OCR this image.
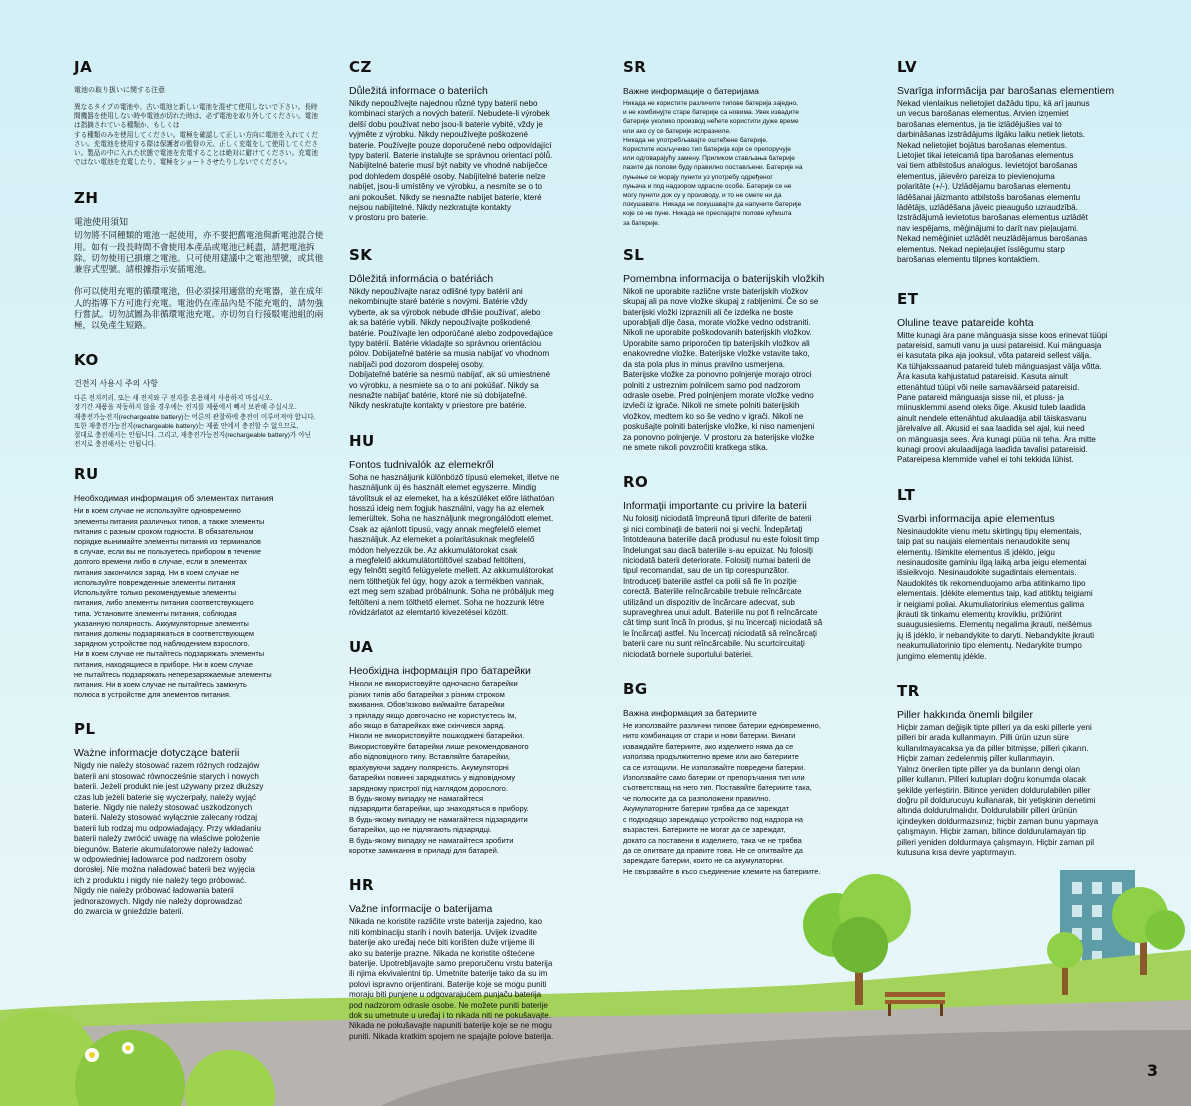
JA
電池の取り扱いに関する注意
異なるタイプの電池や、古い電池と新しい電池を混ぜて使用しないで下さい。長時間機器を使用しない時や電池が切れた時は、必ず電池を取り外してください。電池は指摘されている種類か、もしくは
する種類のみを使用してください。電極を確認して正しい方向に電池を入れてください。充電池を使用する際は保護者の監督の元、正しく充電をして使用してください。製品の中に入れた状態で電池を充電することは絶対に避けてください。充電池ではない電池を充電したり、電極をショートさせたりしないでください。
ZH
電池使用須知
切勿將不同種類的電池一起使用，亦不要把舊電池與新電池混合使用。如有一段長時間不會使用本產品或電池已耗盡，請把電池拆除。切勿使用已損壞之電池。只可使用建議中之電池型號，或其他兼容式型號。請根據指示安插電池。

你可以使用充電的循環電池，但必須採用適當的充電器，並在成年人的指導下方可進行充電。電池仍在產品內是不能充電的，請勿強行嘗試。切勿試圖為非循環電池充電。亦切勿自行接駁電池組的兩極，以免產生短路。
KO
건전지 사용시 주의 사항
다른 전지끼리, 또는 새 전지와 구 전지를 혼용해서 사용하지 마십시오.
장기간 제품을 작동하지 않을 경우에는 전지를 제품에서 빼서 보관해 주십시오.
재충전가능전지(rechargeable battery)는 어른의 관찰하에 충전이 이루어져야 합니다.
또한 재충전가능전지(rechargeable battery)는 제품 안에서 충전할 수 없으므로,
절대로 충전해서는 안됩니다. 그리고, 재충전가능전지(rechargeable battery)가 아닌
전지로 충전해서는 안됩니다.
RU
Необходимая информация об элементах питания
Ни в коем случае не используйте одновременно
элементы питания различных типов, а также элементы
питания с разным сроком годности. В обязательном
порядке вынимайте элементы питания из терминалов
в случае, если вы не пользуетесь прибором в течение
долгого времени либо в случае, если в элементах
питания закончился заряд. Ни в коем случае не
используйте поврежденные элементы питания
Используйте только рекомендуемые элементы
питания, либо элементы питания соответствующего
типа. Установите элементы питания, соблюдая
указанную полярность. Аккумуляторные элементы
питания должны подзаряжаться в соответствующем
зарядном устройстве под наблюдением взрослого.
Ни в коем случае не пытайтесь подзаряжать элементы
питания, находящиеся в приборе. Ни в коем случае
не пытайтесь подзаряжать неперезаряжаемые элементы
питания. Ни в коем случае не пытайтесь замкнуть
полюса в устройстве для элементов питания.
PL
Ważne informacje dotyczące baterii
Nigdy nie należy stosować razem różnych rodzajów
baterii ani stosować równocześnie starych i nowych
baterii. Jeżeli produkt nie jest używany przez dłuższy
czas lub jeżeli baterie się wyczerpały, należy wyjąć
baterie. Nigdy nie należy stosować uszkodzonych
baterii. Należy stosować wyłącznie zalecany rodzaj
baterii lub rodzaj mu odpowiadający. Przy wkładaniu
baterii należy zwrócić uwagę na właściwe położenie
biegunów. Baterie akumulatorowe należy ładować
w odpowiedniej ładowarce pod nadzorem osoby
dorosłej. Nie można naładować baterii bez wyjęcia
ich z produktu i nigdy nie należy tego próbować.
Nigdy nie należy próbować ładowania baterii
jednorazowych. Nigdy nie należy doprowadzać
do zwarcia w gnieździe baterii.
CZ
Důležitá informace o bateriích
Nikdy nepoužívejte najednou různé typy baterií nebo
kombinaci starých a nových baterií. Nebudete-li výrobek
delší dobu používat nebo jsou-li baterie vybité, vždy je
vyjměte z výrobku. Nikdy nepoužívejte poškozené
baterie. Používejte pouze doporučené nebo odpovídající
typy baterií. Baterie instalujte se správnou orientací pólů.
Nabíjitelné baterie musí být nabity ve vhodné nabíječce
pod dohledem dospělé osoby. Nabíjitelné baterie nelze
nabíjet, jsou-li umístěny ve výrobku, a nesmíte se o to
ani pokoušet. Nikdy se nesnažte nabíjet baterie, které
nejsou nabíjitelné. Nikdy nezkratujte kontakty
v prostoru pro baterie.
SK
Dôležitá informácia o batériách
Nikdy nepoužívajte naraz odlišné typy batérií ani
nekombinujte staré batérie s novými. Batérie vždy
vyberte, ak sa výrobok nebude dlhšie používať, alebo
ak sa batérie vybili. Nikdy nepoužívajte poškodené
batérie. Používajte len odporúčané alebo zodpovedajúce
typy batérií. Batérie vkladajte so správnou orientáciou
pólov. Dobíjateľné batérie sa musia nabíjať vo vhodnom
nabíjači pod dozorom dospelej osoby.
Dobíjateľné batérie sa nesmú nabíjať, ak sú umiestnené
vo výrobku, a nesmiete sa o to ani pokúšať. Nikdy sa
nesnažte nabíjať batérie, ktoré nie sú dobíjateľné.
Nikdy neskratujte kontakty v priestore pre batérie.
HU
Fontos tudnivalók az elemekről
Soha ne használjunk különböző típusú elemeket, illetve ne
használjunk új és használt elemet egyszerre. Mindig
távolítsuk el az elemeket, ha a készüléket előre láthatóan
hosszú ideig nem fogjuk használni, vagy ha az elemek
lemerültek. Soha ne használjunk megrongálódott elemet.
Csak az ajánlott típusú, vagy annak megfelelő elemet
használjuk. Az elemeket a polaritásuknak megfelelő
módon helyezzük be. Az akkumulátorokat csak
a megfelelő akkumulátortöltővel szabad feltölteni,
egy felnőtt segítő felügyelete mellett. Az akkumulátorokat
nem tölthetjük fel úgy, hogy azok a termékben vannak,
ezt meg sem szabad próbálnunk. Soha ne próbáljuk meg
feltölteni a nem tölthető elemet. Soha ne hozzunk létre
rövidzárlatot az elemtartó kivezetései között.
UA
Необхідна інформація про батарейки
Ніколи не використовуйте одночасно батарейки
різних типів або батарейки з різним строком
вживання. Обов'язково виймайте батарейки
з приладу якщо довгочасно не користуєтесь їм,
або якщо в батарейках вже скінчився заряд.
Ніколи не використовуйте пошкоджені батарейки.
Використовуйте батарейки лише рекомендованого
або відповідного типу. Вставляйте батарейки,
врахувуючи задану полярність. Акумуляторні
батарейки повинні заряджатись у відповідному
зарядному пристрої під наглядом дорослого.
В будь-якому випадку не намагайтеся
підзарядити батарейки, що знаходяться в прибору.
В будь-якому випадку не намагайтеся підзарядити
батарейки, що не підлягають підзарядці.
В будь-якому випадку не намагайтеся зробити
коротке замикання в приладі для батарей.
HR
Važne informacije o baterijama
Nikada ne koristite različite vrste baterija zajedno, kao
niti kombinaciju starih i novih baterija. Uvijek izvadite
baterije ako uređaj neće biti korišten duže vrijeme ili
ako su baterije prazne. Nikada ne koristite oštećene
baterije. Upotrebljavajte samo preporučenu vrstu baterija
ili njima ekvivalentni tip. Umetnite baterije tako da su im
polovi ispravno orijentirani. Baterije koje se mogu puniti
moraju biti punjene u odgovarajućem punjaču baterija
pod nadzorom odrasle osobe. Ne možete puniti baterije
dok su umetnute u uređaj i to nikada niti ne pokušavajte.
Nikada ne pokušavajte napuniti baterije koje se ne mogu
puniti. Nikada kratkim spojem ne spajajte polove baterija.
SR
Важне информације о батеријама
Никада не користите различите типове батерија заједно,
и не комбинујте старе батерије са новима. Увек извадите
батерије уколико производ нећете користити дуже време
или ако су се батерије испразниле.
Никада не употребљавајте оштећене батерије.
Користите искључиво тип батерија који се препоручује
или одговарајућу замену. Приликом стављања батерије
пазите да полови буду правилно постављени. Батерије на
пуњење се морају пунити уз употребу одређеног
пуњача и под надзором одрасле особе. Батерије се не
могу пунити док су у производу, и то не смете ни да
покушавате. Никада не покушавајте да напуните батерије
које се не пуне. Никада не преспајајте полове кућишта
за батерије.
SL
Pomembna informacija o baterijskih vložkih
Nikoli ne uporabite različne vrste baterijskih vložkov
skupaj ali pa nove vložke skupaj z rabljenimi. Če so se
baterijski vložki izpraznili ali če izdelka ne boste
uporabljali dlje časa, morate vložke vedno odstraniti.
Nikoli ne uporabite poškodovanih baterijskih vložkov.
Uporabite samo priporočen tip baterijskih vložkov ali
enakovredne vložke. Baterijske vložke vstavite tako,
da sta pola plus in minus pravilno usmerjena.
Baterijske vložke za ponovno polnjenje morajo otroci
polniti z ustreznim polnilcem samo pod nadzorom
odrasle osebe. Pred polnjenjem morate vložke vedno
izvleči iz igrače. Nikoli ne smete polniti baterijskih
vložkov, medtem ko so še vedno v igrači. Nikoli ne
poskušajte polniti baterijske vložke, ki niso namenjeni
za ponovno polnjenje. V prostoru za baterijske vložke
ne smete nikoli povzročiti kratkega stika.
RO
Informaţii importante cu privire la baterii
Nu folosiţi niciodată împreună tipuri diferite de baterii
şi nici combinaţii de baterii noi şi vechi. Îndepărtaţi
întotdeauna bateriile dacă produsul nu este folosit timp
îndelungat sau dacă bateriile s-au epuizat. Nu folosiţi
niciodată baterii deteriorate. Folosiţi numai baterii de
tipul recomandat, sau de un tip corespunzător.
Introduceţi bateriile astfel ca polii să fie în poziţie
corectă. Bateriile reîncărcabile trebuie reîncărcate
utilizând un dispozitiv de încărcare adecvat, sub
supraveghrea unui adult. Bateriile nu pot fi reîncărcate
cât timp sunt încă în produs, şi nu încercaţi niciodată să
le încărcaţi astfel. Nu încercaţi niciodată să reîncărcaţi
baterii care nu sunt reîncărcabile. Nu scurtcircuitaţi
niciodată bornele suportului bateriei.
BG
Важна информация за батериите
Не използвайте различни типове батерии едновременно,
нито комбинация от стари и нови батерии. Винаги
изваждайте батериите, ако изделието няма да се
използва продължително време или ако батериите
са се изтощили. Не използвайте повредени батерии.
Използвайте само батерии от препоръчания тип или
съответстващ на него тип. Поставяйте батериите така,
че полюсите да са разположени правилно.
Акумулаторните батерии трябва да се зареждат
с подходящо зареждащо устройство под надзора на
възрастен. Батериите не могат да се зареждат,
докато са поставени в изделието, така че не трябва
да се опитвате да правите това. Не се опитвайте да
зареждате батерии, които не са акумулаторни.
Не свързвайте в късо съединение клемите на батериите.
LV
Svarīga informācija par barošanas elementiem
Nekad vienlaikus nelietojiet dažādu tipu, kā arī jaunus
un vecus barošanas elementus. Arvien izņemiet
barošanas elementus, ja tie izlādējušies vai to
darbināšanas izstrādājums ilgāku laiku netiek lietots.
Nekad nelietojiet bojātus barošanas elementus.
Lietojiet tikai ieteicamā tipa barošanas elementus
vai tiem atbilstošus analogus. Ievietojot barošanas
elementus, jāievēro pareiza to pievienojuma
polaritāte (+/-). Uzlādējamu barošanas elementu
lādēšanai jāizmanto atbilstošs barošanas elementu
lādētājs, uzlādēšana jāveic pieaugušo uzraudzībā.
Izstrādājumā ievietotus barošanas elementus uzlādēt
nav iespējams, mēģinājumi to darīt nav pieļaujami.
Nekad nemēģiniet uzlādēt neuzlādējamus barošanas
elementus. Nekad nepieļaujiet īsslēgumu starp
barošanas elementu tilpnes kontaktiem.
ET
Oluline teave patareide kohta
Mitte kunagi ära pane mänguasja sisse koos erinevat tüüpi
patareisid, samuti vanu ja uusi patareisid. Kui mänguasja
ei kasutata pika aja jooksul, võta patareid sellest välja.
Ka tühjakssaanud patareid tuleb mänguasjast välja võtta.
Ära kasuta kahjustatud patareisid. Kasuta ainult
ettenähtud tüüpi või neile samaväärseid patareisid.
Pane patareid mänguasja sisse nii, et pluss- ja
miinusklemmi asend oleks õige. Akusid tuleb laadida
ainult nendele ettenähtud akulaadija abil täiskasvanu
järelvalve all. Akusid ei saa laadida sel ajal, kui need
on mänguasja sees. Ära kunagi püüa nii teha. Ära mitte
kunagi proovi akulaadijaga laadida tavalisi patareisid.
Patareipesa klemmide vahel ei tohi tekkida lühist.
LT
Svarbi informacija apie elementus
Nesinaudokite vienu metu skirtingų tipų elementais,
taip pat su naujais elementais nenaudokite senų
elementų. Išimkite elementus iš įdėklo, jeigu
nesinaudosite gaminiu ilgą laiką arba jeigu elementai
išsieikvojo. Nesinaudokite sugadintais elementais.
Naudokitės tik rekomenduojamo arba atitinkamo tipo
elementais. Įdėkite elementus taip, kad atitiktų teigiami
ir neigiami poliai. Akumuliatorinius elementus galima
įkrauti tik tinkamu elementų krovikliu, prižiūrint
suaugusiesiems. Elementų negalima įkrauti, neišėmus
jų iš įdėklo, ir nebandykite to daryti. Nebandykite įkrauti
neakumuliatorinio tipo elementų. Nedarykite trumpo
jungimo elementų įdėkle.
TR
Piller hakkında önemli bilgiler
Hiçbir zaman değişik tipte pilleri ya da eski pillerle yeni
pilleri bir arada kullanmayın. Pilli ürün uzun süre
kullanılmayacaksa ya da piller bitmişse, pilleri çıkarın.
Hiçbir zaman zedelenmiş piller kullanmayın.
Yalnız önerilen tipte piller ya da bunların dengi olan
piller kullanın. Pilleri kutupları doğru konumda olacak
şekilde yerleştirin. Bitince yeniden doldurulabilen piller
doğru pil doldurucuyu kullanarak, bir yetişkinin denetimi
altında doldurulmalıdır. Doldurulabilir pilleri ürünün
içindeyken doldurmazsınız; hiçbir zaman bunu yapmaya
çalışmayın. Hiçbir zaman, bitince doldurulamayan tip
pilleri yeniden doldurmaya çalışmayın. Hiçbir zaman pil
kutusuna kısa devre yaptırmayın.
3
